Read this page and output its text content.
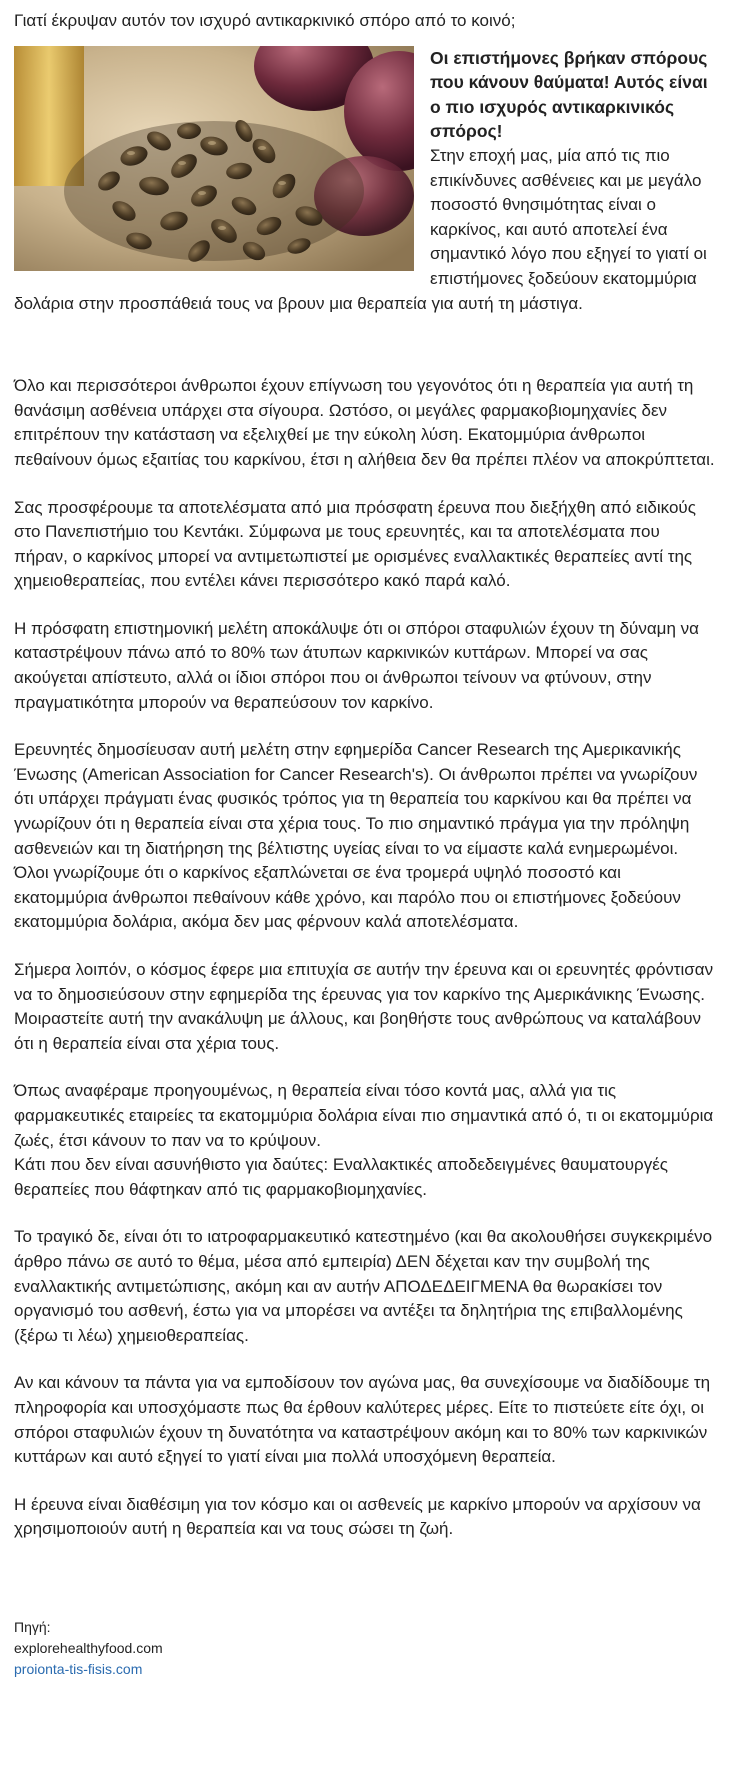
Γιατί έκρυψαν αυτόν τον ισχυρό αντικαρκινικό σπόρο από το κοινό;

Οι επιστήμονες βρήκαν σπόρους που κάνουν θαύματα! Αυτός είναι ο πιο ισχυρός αντικαρκινικός σπόρος!
Στην εποχή μας, μία από τις πιο επικίνδυνες ασθένειες και με μεγάλο ποσοστό θνησιμότητας είναι ο καρκίνος, και αυτό αποτελεί ένα σημαντικό λόγο που εξηγεί το γιατί οι επιστήμονες ξοδεύουν εκατομμύρια δολάρια στην προσπάθειά τους να βρουν μια θεραπεία για αυτή τη μάστιγα.

Όλο και περισσότεροι άνθρωποι έχουν επίγνωση του γεγονότος ότι η θεραπεία για αυτή τη θανάσιμη ασθένεια υπάρχει στα σίγουρα. Ωστόσο, οι μεγάλες φαρμακοβιομηχανίες δεν επιτρέπουν την κατάσταση να εξελιχθεί με την εύκολη λύση. Εκατομμύρια άνθρωποι πεθαίνουν όμως εξαιτίας του καρκίνου, έτσι η αλήθεια δεν θα πρέπει πλέον να αποκρύπτεται.

Σας προσφέρουμε τα αποτελέσματα από μια πρόσφατη έρευνα που διεξήχθη από ειδικούς στο Πανεπιστήμιο του Κεντάκι. Σύμφωνα με τους ερευνητές, και τα αποτελέσματα που πήραν, ο καρκίνος μπορεί να αντιμετωπιστεί με ορισμένες εναλλακτικές θεραπείες αντί της χημειοθεραπείας, που εντέλει κάνει περισσότερο κακό παρά καλό.

Η πρόσφατη επιστημονική μελέτη αποκάλυψε ότι οι σπόροι σταφυλιών έχουν τη δύναμη να καταστρέψουν πάνω από το 80% των άτυπων καρκινικών κυττάρων. Μπορεί να σας ακούγεται απίστευτο, αλλά οι ίδιοι σπόροι που οι άνθρωποι τείνουν να φτύνουν, στην πραγματικότητα μπορούν να θεραπεύσουν τον καρκίνο.

Ερευνητές δημοσίευσαν αυτή μελέτη στην εφημερίδα Cancer Research της Αμερικανικής Ένωσης (American Association for Cancer Research's). Οι άνθρωποι πρέπει να γνωρίζουν ότι υπάρχει πράγματι ένας φυσικός τρόπος για τη θεραπεία του καρκίνου και θα πρέπει να γνωρίζουν ότι η θεραπεία είναι στα χέρια τους. Το πιο σημαντικό πράγμα για την πρόληψη ασθενειών και τη διατήρηση της βέλτιστης υγείας είναι το να είμαστε καλά ενημερωμένοι. Όλοι γνωρίζουμε ότι ο καρκίνος εξαπλώνεται σε ένα τρομερά υψηλό ποσοστό και εκατομμύρια άνθρωποι πεθαίνουν κάθε χρόνο, και παρόλο που οι επιστήμονες ξοδεύουν εκατομμύρια δολάρια, ακόμα δεν μας φέρνουν καλά αποτελέσματα.

Σήμερα λοιπόν, ο κόσμος έφερε μια επιτυχία σε αυτήν την έρευνα και οι ερευνητές φρόντισαν να το δημοσιεύσουν στην εφημερίδα της έρευνας για τον καρκίνο της Αμερικάνικης Ένωσης. Μοιραστείτε αυτή την ανακάλυψη με άλλους, και βοηθήστε τους ανθρώπους να καταλάβουν ότι η θεραπεία είναι στα χέρια τους.

Όπως αναφέραμε προηγουμένως, η θεραπεία είναι τόσο κοντά μας, αλλά για τις φαρμακευτικές εταιρείες τα εκατομμύρια δολάρια είναι πιο σημαντικά από ό, τι οι εκατομμύρια ζωές, έτσι κάνουν το παν να το κρύψουν.
Κάτι που δεν είναι ασυνήθιστο για δαύτες: Εναλλακτικές αποδεδειγμένες θαυματουργές θεραπείες που θάφτηκαν από τις φαρμακοβιομηχανίες.

Το τραγικό δε, είναι ότι το ιατροφαρμακευτικό κατεστημένο (και θα ακολουθήσει συγκεκριμένο άρθρο πάνω σε αυτό το θέμα, μέσα από εμπειρία) ΔΕΝ δέχεται καν την συμβολή της εναλλακτικής αντιμετώπισης, ακόμη και αν αυτήν ΑΠΟΔΕΔΕΙΓΜΕΝΑ θα θωρακίσει τον οργανισμό του ασθενή, έστω για να μπορέσει να αντέξει τα δηλητήρια της επιβαλλομένης (ξέρω τι λέω) χημειοθεραπείας.

Αν και κάνουν τα πάντα για να εμποδίσουν τον αγώνα μας, θα συνεχίσουμε να διαδίδουμε τη πληροφορία και υποσχόμαστε πως θα έρθουν καλύτερες μέρες. Είτε το πιστεύετε είτε όχι, οι σπόροι σταφυλιών έχουν τη δυνατότητα να καταστρέψουν ακόμη και το 80% των καρκινικών κυττάρων και αυτό εξηγεί το γιατί είναι μια πολλά υποσχόμενη θεραπεία.

Η έρευνα είναι διαθέσιμη για τον κόσμο και οι ασθενείς με καρκίνο μπορούν να αρχίσουν να χρησιμοποιούν αυτή η θεραπεία και να τους σώσει τη ζωή.

Πηγή:
explorehealthyfood.com
proionta-tis-fisis.com
